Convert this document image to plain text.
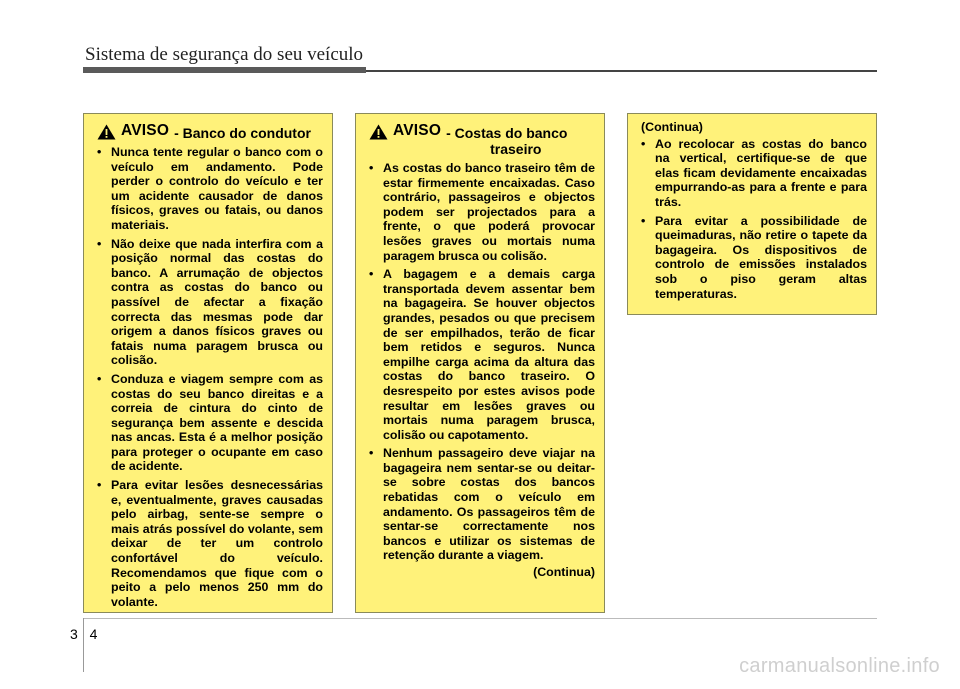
Sistema de segurança do seu veículo
AVISO - Banco do condutor
• Nunca tente regular o banco com o veículo em andamento. Pode perder o controlo do veículo e ter um acidente causador de danos físicos, graves ou fatais, ou danos materiais.
• Não deixe que nada interfira com a posição normal das costas do banco. A arrumação de objectos contra as costas do banco ou passível de afectar a fixação correcta das mesmas pode dar origem a danos físicos graves ou fatais numa paragem brusca ou colisão.
• Conduza e viagem sempre com as costas do seu banco direitas e a correia de cintura do cinto de segurança bem assente e descida nas ancas. Esta é a melhor posição para proteger o ocupante em caso de acidente.
• Para evitar lesões desnecessárias e, eventualmente, graves causadas pelo airbag, sente-se sempre o mais atrás possível do volante, sem deixar de ter um controlo confortável do veículo. Recomendamos que fique com o peito a pelo menos 250 mm do volante.
AVISO - Costas do banco

traseiro
• As costas do banco traseiro têm de estar firmemente encaixadas. Caso contrário, passageiros e objectos podem ser projectados para a frente, o que poderá provocar lesões graves ou mortais numa paragem brusca ou colisão.
• A bagagem e a demais carga transportada devem assentar bem na bagageira. Se houver objectos grandes, pesados ou que precisem de ser empilhados, terão de ficar bem retidos e seguros. Nunca empilhe carga acima da altura das costas do banco traseiro. O desrespeito por estes avisos pode resultar em lesões graves ou mortais numa paragem brusca, colisão ou capotamento.
• Nenhum passageiro deve viajar na bagageira nem sentar-se ou deitar-se sobre costas dos bancos rebatidas com o veículo em andamento. Os passageiros têm de sentar-se correctamente nos bancos e utilizar os sistemas de retenção durante a viagem.
(Continua)
(Continua)
• Ao recolocar as costas do banco na vertical, certifique-se de que elas ficam devidamente encaixadas empurrando-as para a frente e para trás.
• Para evitar a possibilidade de queimaduras, não retire o tapete da bagageira. Os dispositivos de controlo de emissões instalados sob o piso geram altas temperaturas.
3 4
carmanualsonline.info
